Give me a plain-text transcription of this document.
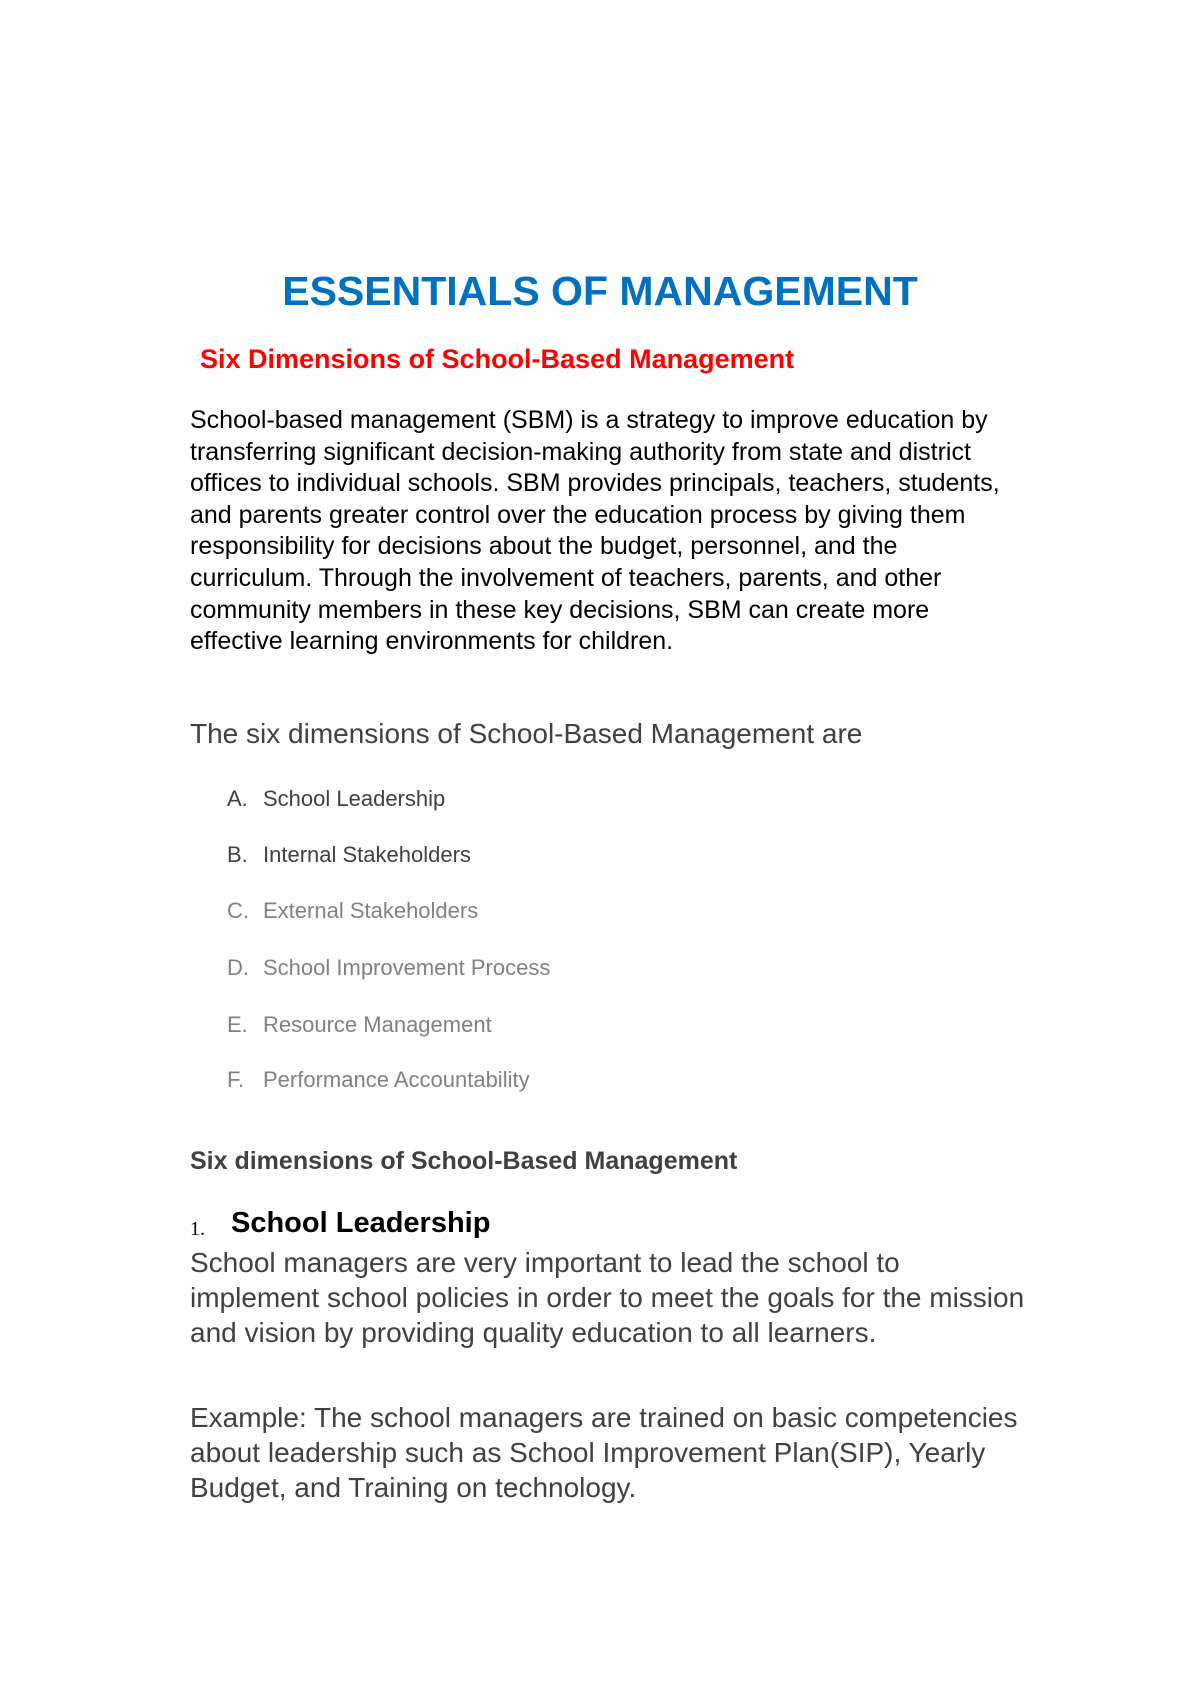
ESSENTIALS OF MANAGEMENT
Six Dimensions of School-Based Management

School-based management (SBM) is a strategy to improve education by transferring significant decision-making authority from state and district offices to individual schools. SBM provides principals, teachers, students, and parents greater control over the education process by giving them responsibility for decisions about the budget, personnel, and the curriculum. Through the involvement of teachers, parents, and other community members in these key decisions, SBM can create more effective learning environments for children.

The six dimensions of School-Based Management are

A. School Leadership
B. Internal Stakeholders
C. External Stakeholders
D. School Improvement Process
E. Resource Management
F. Performance Accountability
Six dimensions of School-Based Management
1. School Leadership

School managers are very important to lead the school to implement school policies in order to meet the goals for the mission and vision by providing quality education to all learners.

Example: The school managers are trained on basic competencies about leadership such as School Improvement Plan(SIP), Yearly Budget, and Training on technology.
